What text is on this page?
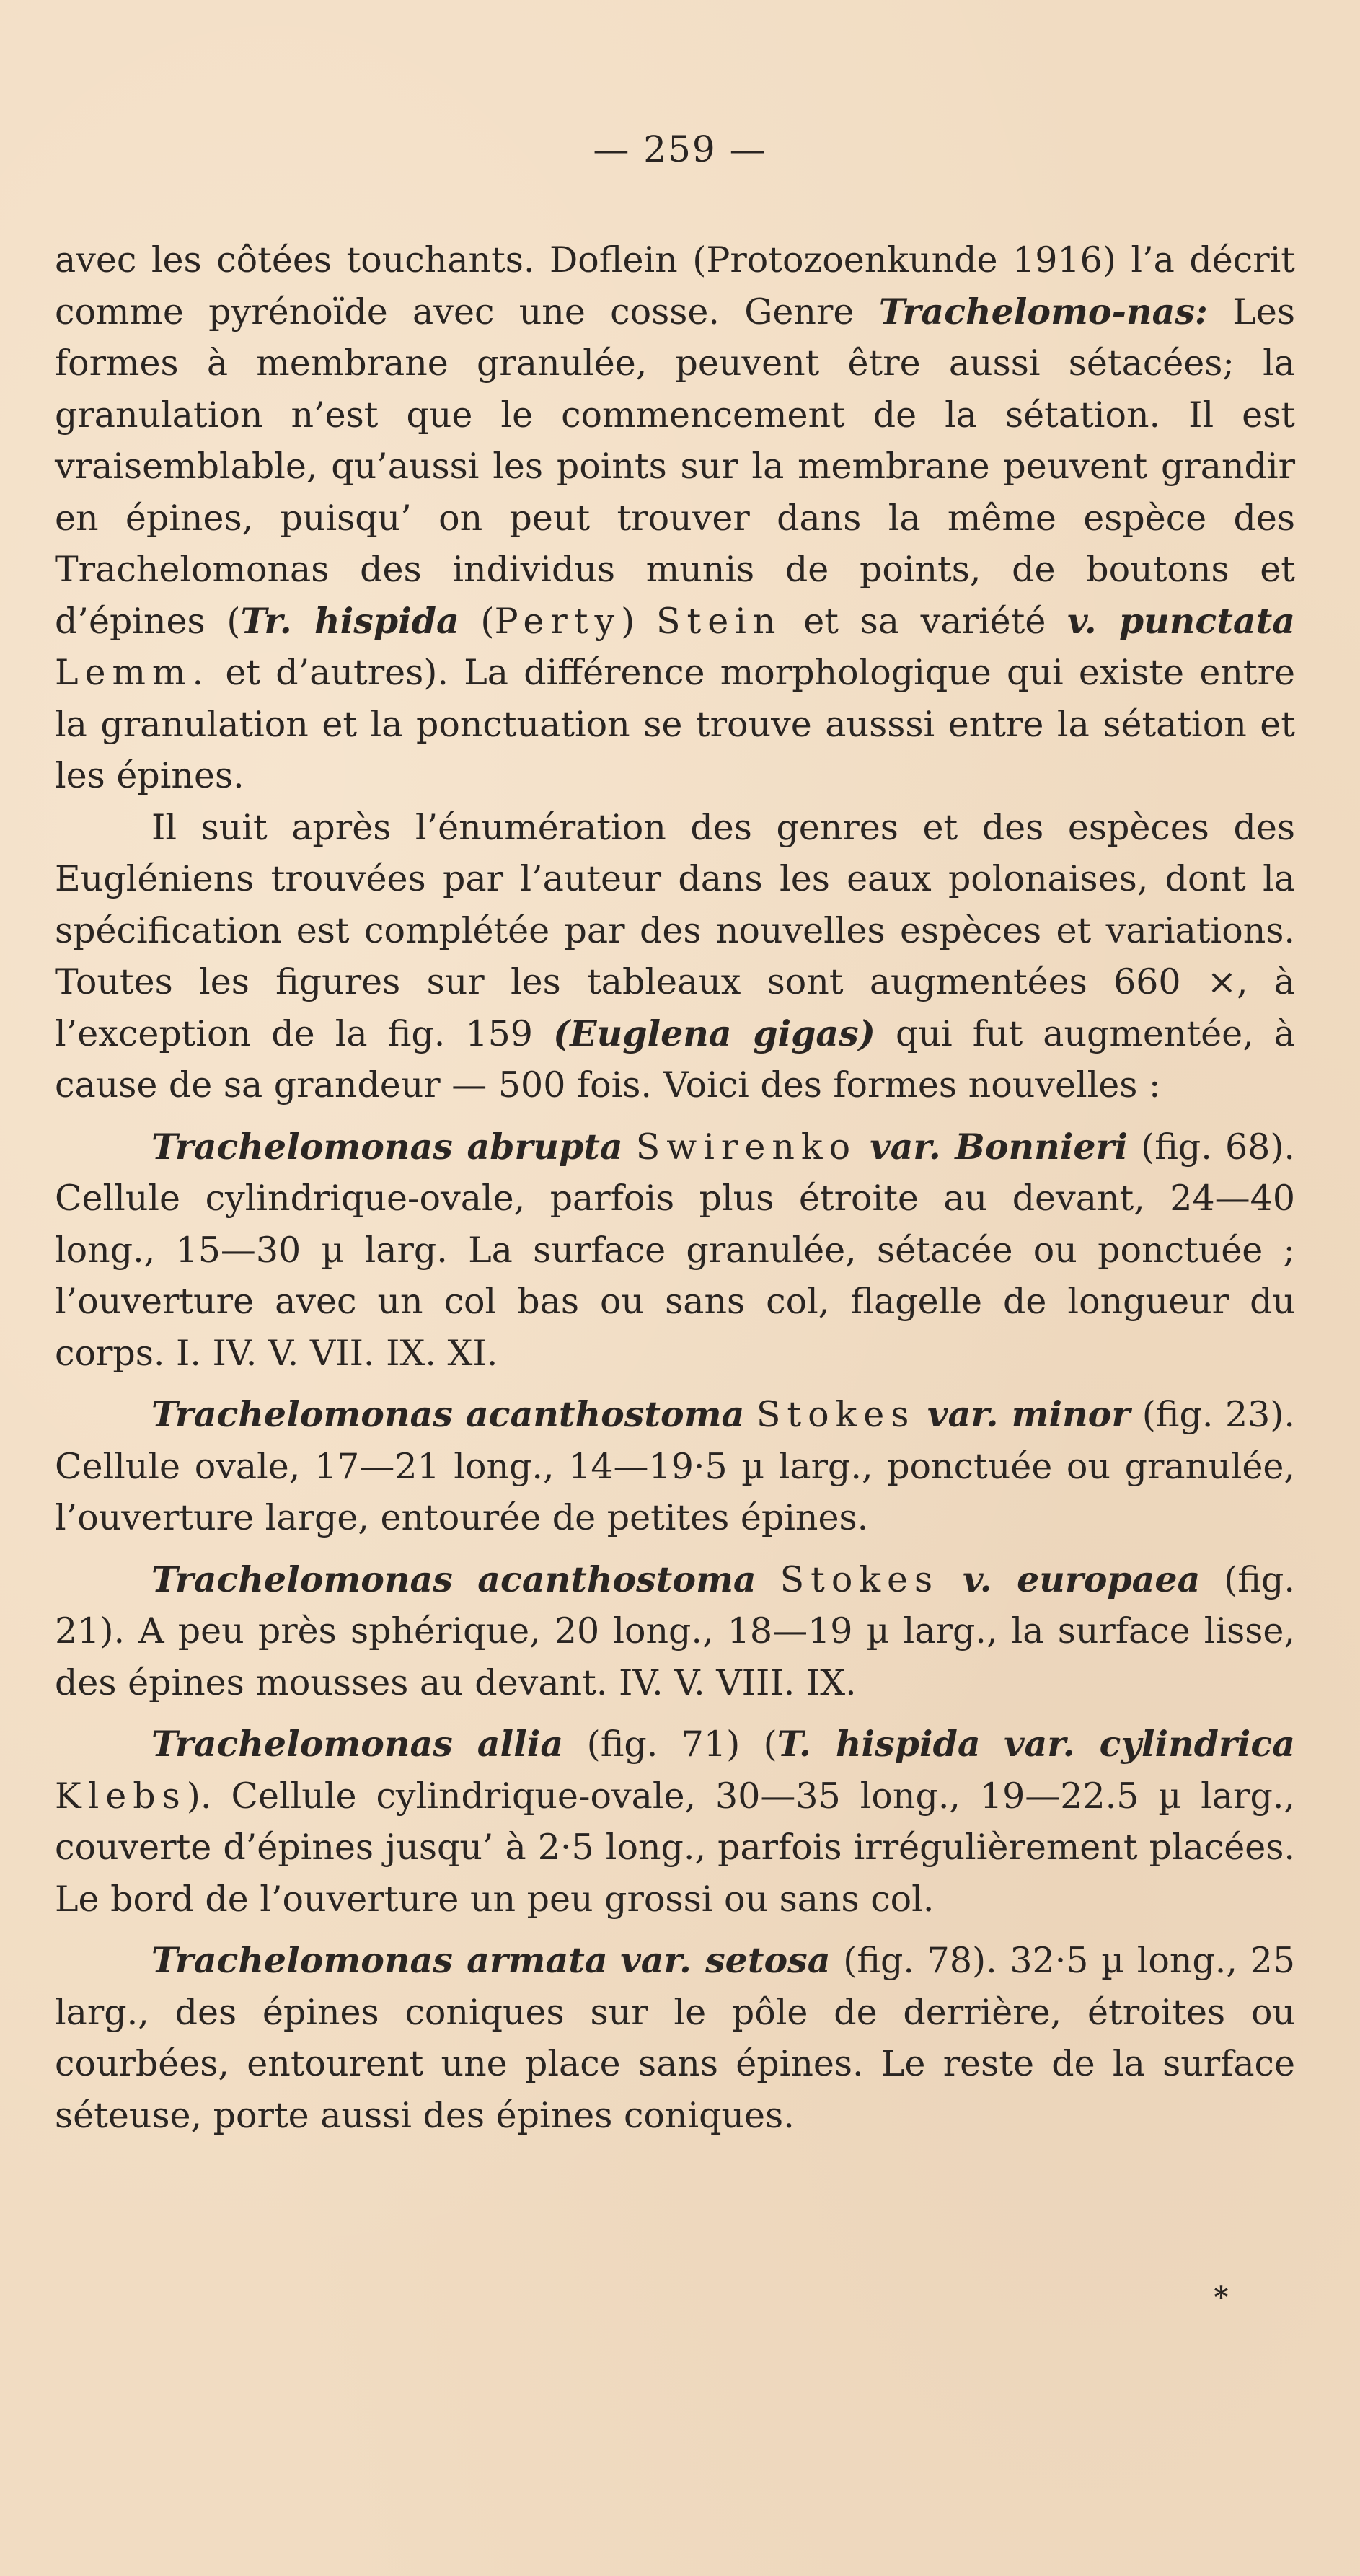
— 259 —

avec les côtées touchants. Doflein (Protozoenkunde 1916) l’a décrit comme pyrénoïde avec une cosse. Genre Trachelomo-nas: Les formes à membrane granulée, peuvent être aussi sétacées; la granulation n’est que le commencement de la sétation. Il est vraisemblable, qu’aussi les points sur la membrane peuvent grandir en épines, puisqu’ on peut trouver dans la même espèce des Trachelomonas des individus munis de points, de boutons et d’épines (Tr. hispida (Perty) Stein et sa variété v. punctata Lemm. et d’autres). La différence morphologique qui existe entre la granulation et la ponctuation se trouve ausssi entre la sétation et les épines.

Il suit après l’énumération des genres et des espèces des Eugléniens trouvées par l’auteur dans les eaux polonaises, dont la spécification est complétée par des nouvelles espèces et variations. Toutes les figures sur les tableaux sont augmentées 660 ×, à l’exception de la fig. 159 (Euglena gigas) qui fut augmentée, à cause de sa grandeur — 500 fois. Voici des formes nouvelles :

Trachelomonas abrupta Swirenko var. Bonnieri (fig. 68). Cellule cylindrique-ovale, parfois plus étroite au devant, 24—40 long., 15—30 µ larg. La surface granulée, sétacée ou ponctuée ; l’ouverture avec un col bas ou sans col, flagelle de longueur du corps. I. IV. V. VII. IX. XI.

Trachelomonas acanthostoma Stokes var. minor (fig. 23). Cellule ovale, 17—21 long., 14—19·5 µ larg., ponctuée ou granulée, l’ouverture large, entourée de petites épines.

Trachelomonas acanthostoma Stokes v. europaea (fig. 21). A peu près sphérique, 20 long., 18—19 µ larg., la surface lisse, des épines mousses au devant. IV. V. VIII. IX.

Trachelomonas allia (fig. 71) (T. hispida var. cylindrica Klebs). Cellule cylindrique-ovale, 30—35 long., 19—22.5 µ larg., couverte d’épines jusqu’ à 2·5 long., parfois irrégulièrement placées. Le bord de l’ouverture un peu grossi ou sans col.

Trachelomonas armata var. setosa (fig. 78). 32·5 µ long., 25 larg., des épines coniques sur le pôle de derrière, étroites ou courbées, entourent une place sans épines. Le reste de la surface séteuse, porte aussi des épines coniques.

*
